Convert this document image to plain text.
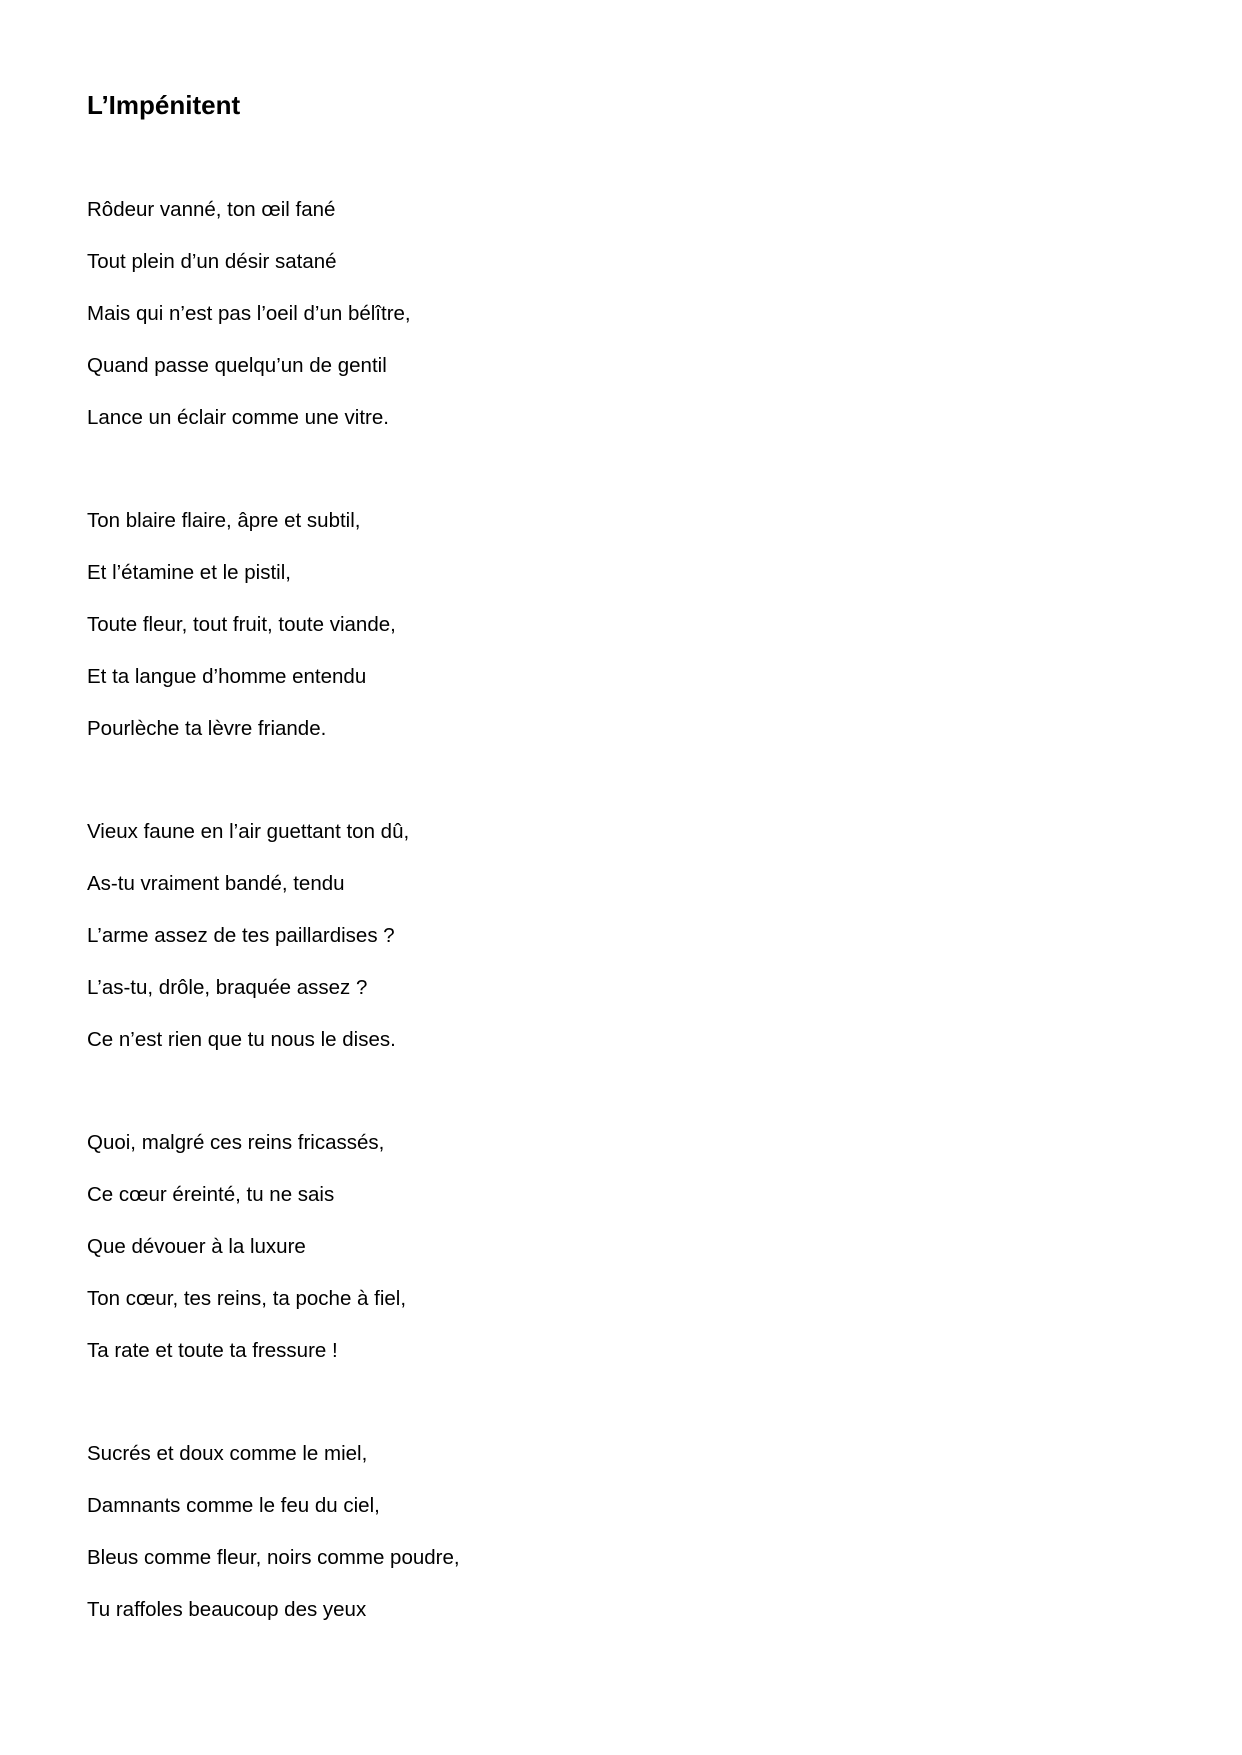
L’Impénitent
Rôdeur vanné, ton œil fané
Tout plein d’un désir satané
Mais qui n’est pas l’oeil d’un bélître,
Quand passe quelqu’un de gentil
Lance un éclair comme une vitre.
Ton blaire flaire, âpre et subtil,
Et l’étamine et le pistil,
Toute fleur, tout fruit, toute viande,
Et ta langue d’homme entendu
Pourlèche ta lèvre friande.
Vieux faune en l’air guettant ton dû,
As-tu vraiment bandé, tendu
L’arme assez de tes paillardises ?
L’as-tu, drôle, braquée assez ?
Ce n’est rien que tu nous le dises.
Quoi, malgré ces reins fricassés,
Ce cœur éreinté, tu ne sais
Que dévouer à la luxure
Ton cœur, tes reins, ta poche à fiel,
Ta rate et toute ta fressure !
Sucrés et doux comme le miel,
Damnants comme le feu du ciel,
Bleus comme fleur, noirs comme poudre,
Tu raffoles beaucoup des yeux
